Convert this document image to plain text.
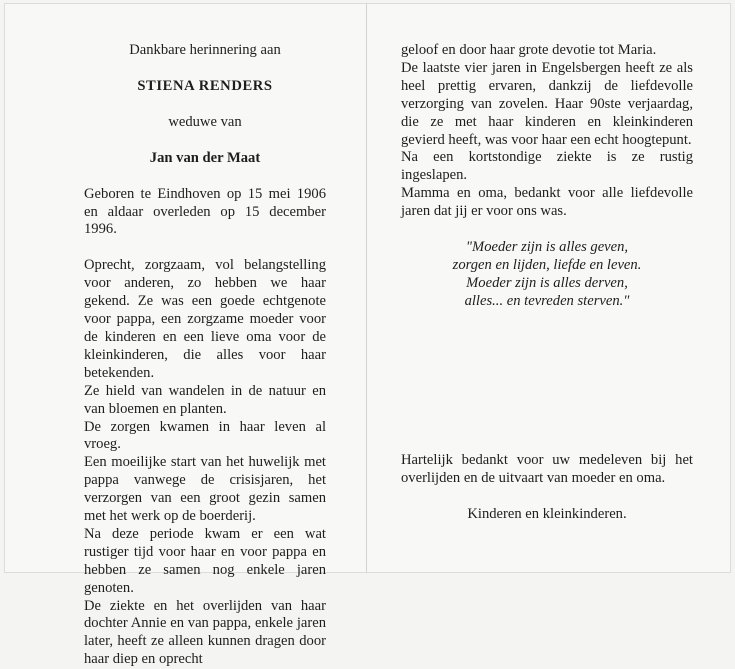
Dankbare herinnering aan

STIENA RENDERS

weduwe van

Jan van der Maat

Geboren te Eindhoven op 15 mei 1906 en aldaar overleden op 15 december 1996.

Oprecht, zorgzaam, vol belangstelling voor anderen, zo hebben we haar gekend. Ze was een goede echtgenote voor pappa, een zorgzame moeder voor de kinderen en een lieve oma voor de kleinkinderen, die alles voor haar betekenden.

Ze hield van wandelen in de natuur en van bloemen en planten.

De zorgen kwamen in haar leven al vroeg.

Een moeilijke start van het huwelijk met pappa vanwege de crisisjaren, het verzorgen van een groot gezin samen met het werk op de boerderij.

Na deze periode kwam er een wat rustiger tijd voor haar en voor pappa en hebben ze samen nog enkele jaren genoten.

De ziekte en het overlijden van haar dochter Annie en van pappa, enkele jaren later, heeft ze alleen kunnen dragen door haar diep en oprecht

geloof en door haar grote devotie tot Maria.

De laatste vier jaren in Engelsbergen heeft ze als heel prettig ervaren, dankzij de liefdevolle verzorging van zovelen. Haar 90ste verjaardag, die ze met haar kinderen en kleinkinderen gevierd heeft, was voor haar een echt hoogtepunt.

Na een kortstondige ziekte is ze rustig ingeslapen.

Mamma en oma, bedankt voor alle liefdevolle jaren dat jij er voor ons was.

"Moeder zijn is alles geven,
zorgen en lijden, liefde en leven.
Moeder zijn is alles derven,
alles... en tevreden sterven."

Hartelijk bedankt voor uw medeleven bij het overlijden en de uitvaart van moeder en oma.

Kinderen en kleinkinderen.
